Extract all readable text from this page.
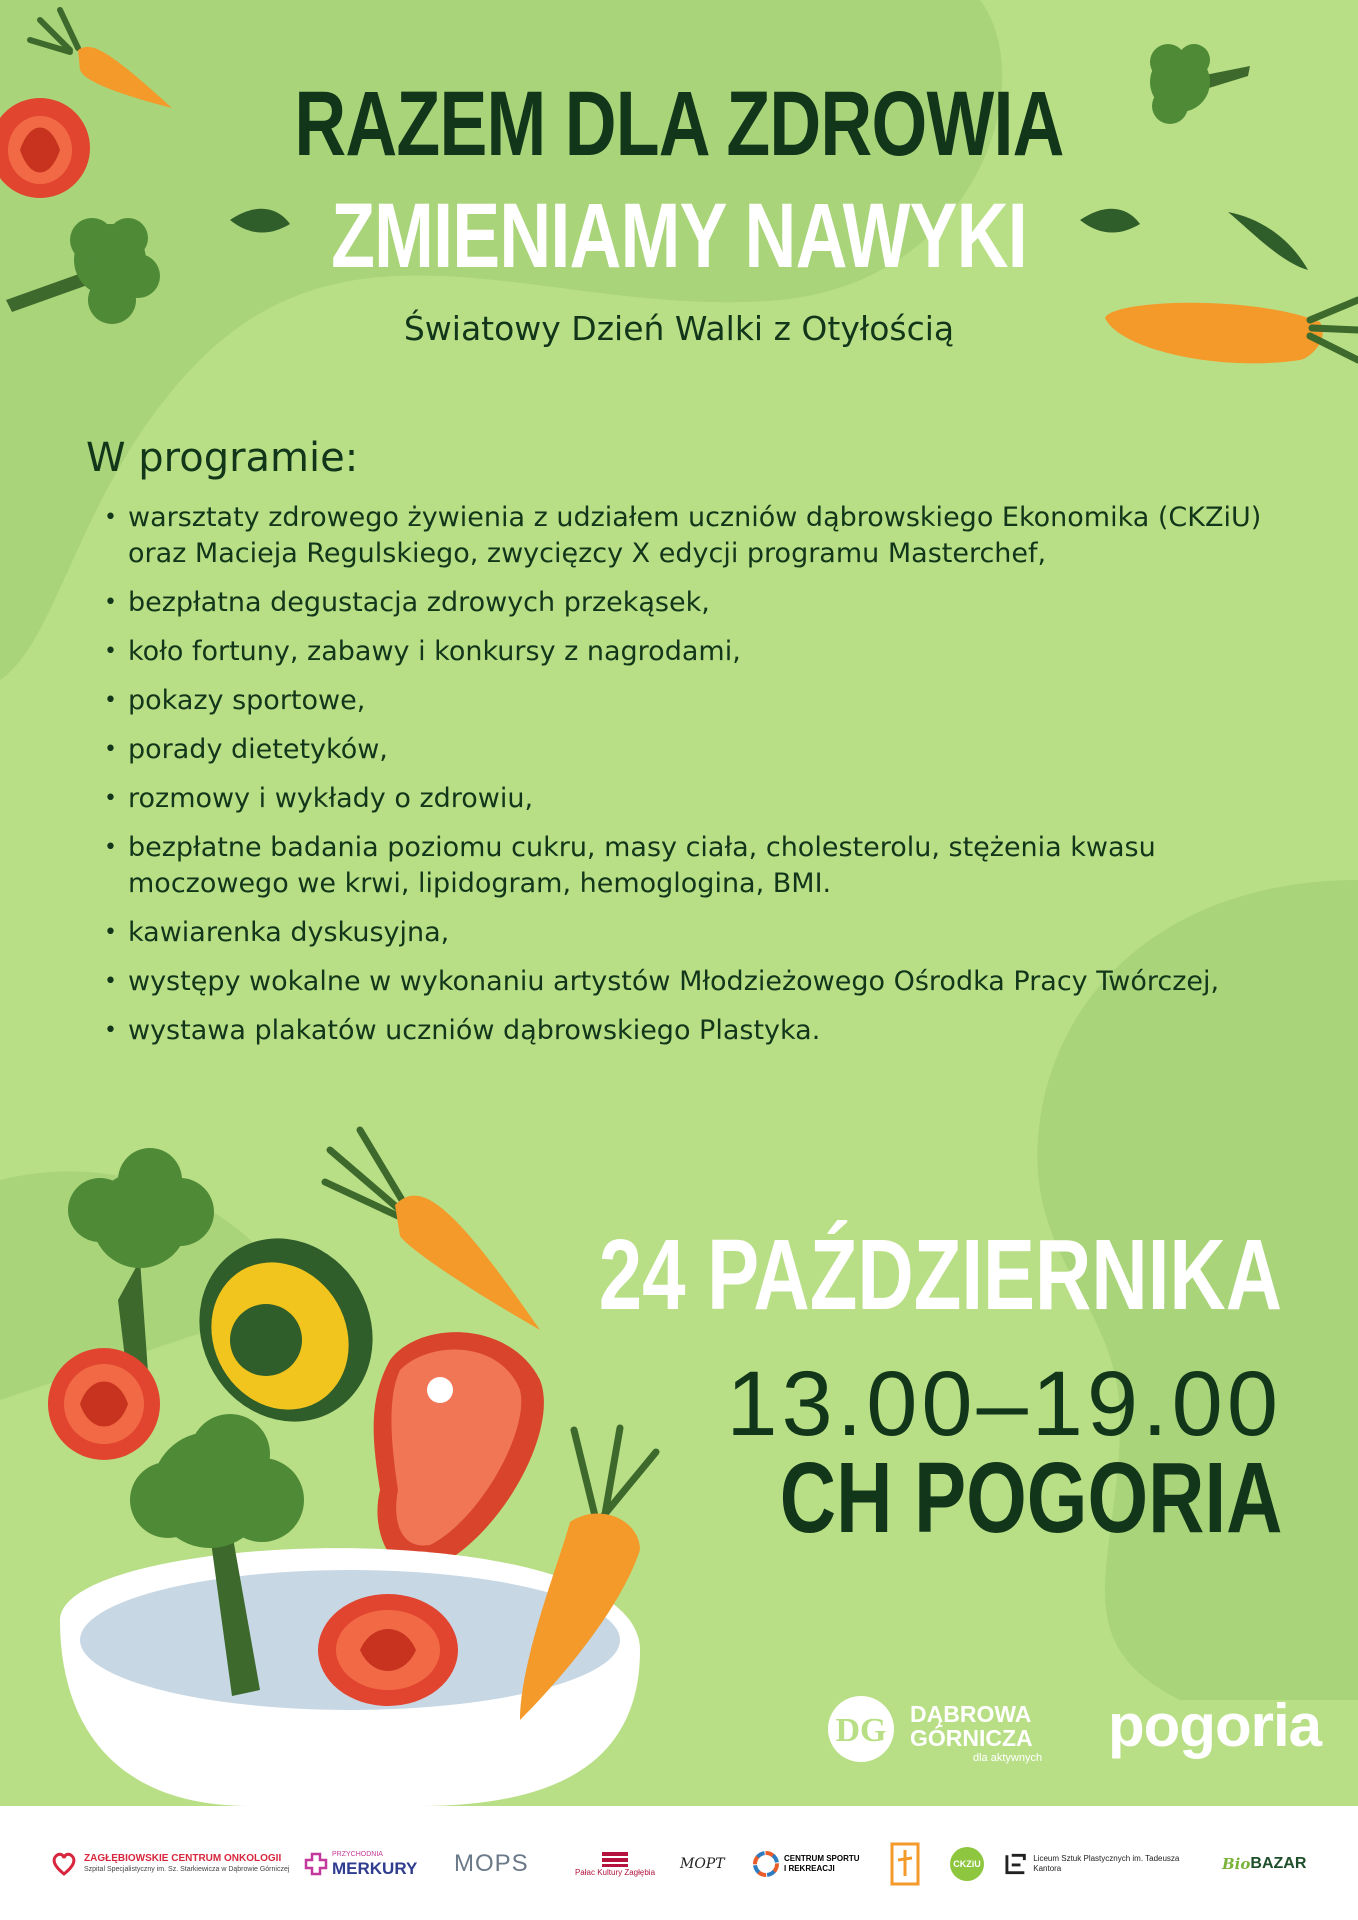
RAZEM DLA ZDROWIA
ZMIENIAMY NAWYKI
Światowy Dzień Walki z Otyłością
W programie:
• warsztaty zdrowego żywienia z udziałem uczniów dąbrowskiego Ekonomika (CKZiU) oraz Macieja Regulskiego, zwycięzcy X edycji programu Masterchef,
• bezpłatna degustacja zdrowych przekąsek,
• koło fortuny, zabawy i konkursy z nagrodami,
• pokazy sportowe,
• porady dietetyków,
• rozmowy i wykłady o zdrowiu,
• bezpłatne badania poziomu cukru, masy ciała, cholesterolu, stężenia kwasu moczowego we krwi, lipidogram, hemoglogina, BMI.
• kawiarenka dyskusyjna,
• występy wokalne w wykonaniu artystów Młodzieżowego Ośrodka Pracy Twórczej,
• wystawa plakatów uczniów dąbrowskiego Plastyka.
24 PAŹDZIERNIKA
13.00–19.00
CH POGORIA
DG DĄBROWA
GÓRNICZA
dla aktywnych pogoria
ZAGŁĘBIOWSKIE CENTRUM ONKOLOGII
Szpital Specjalistyczny im. Sz. Starkiewicza w Dąbrowie Górniczej
PRZYCHODNIA
MERKURY MOPS	Pałac Kultury Zagłębia
MOPT	CENTRUM SPORTU
I REKREACJI	CKZiU
Liceum Sztuk Plastycznych im. Tadeusza Kantora	Bio BAZAR
